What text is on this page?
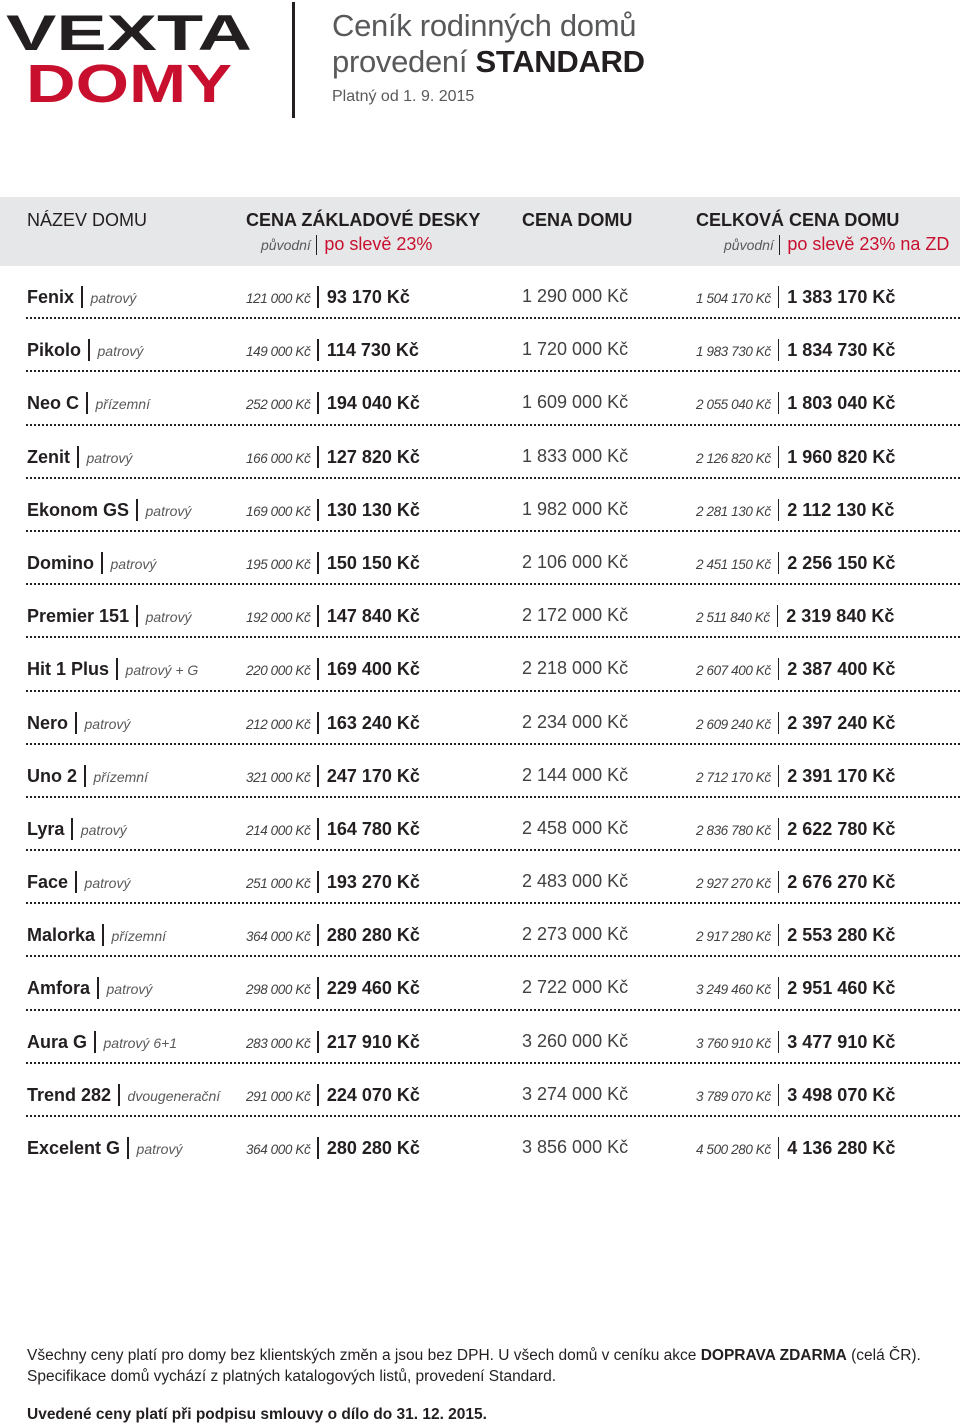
VEXTA
DOMY
Ceník rodinných domů
provedení STANDARD
Platný od 1. 9. 2015
NÁZEV DOMU	CENA ZÁKLADOVÉ DESKY
původní po slevě 23%
CENA DOMU	CELKOVÁ CENA DOMU
původní po slevě 23% na ZD
Fenix patrový	121 000 Kč 93 170 Kč	1 290 000 Kč	1 504 170 Kč 1 383 170 Kč
Pikolo patrový	149 000 Kč 114 730 Kč	1 720 000 Kč	1 983 730 Kč 1 834 730 Kč
Neo C přízemní	252 000 Kč 194 040 Kč	1 609 000 Kč	2 055 040 Kč 1 803 040 Kč
Zenit patrový	166 000 Kč 127 820 Kč	1 833 000 Kč	2 126 820 Kč 1 960 820 Kč
Ekonom GS patrový	169 000 Kč 130 130 Kč	1 982 000 Kč	2 281 130 Kč 2 112 130 Kč
Domino patrový	195 000 Kč 150 150 Kč	2 106 000 Kč	2 451 150 Kč 2 256 150 Kč
Premier 151 patrový	192 000 Kč 147 840 Kč	2 172 000 Kč	2 511 840 Kč 2 319 840 Kč
Hit 1 Plus patrový + G	220 000 Kč 169 400 Kč	2 218 000 Kč	2 607 400 Kč 2 387 400 Kč
Nero patrový	212 000 Kč 163 240 Kč	2 234 000 Kč	2 609 240 Kč 2 397 240 Kč
Uno 2 přízemní	321 000 Kč 247 170 Kč	2 144 000 Kč	2 712 170 Kč 2 391 170 Kč
Lyra patrový	214 000 Kč 164 780 Kč	2 458 000 Kč	2 836 780 Kč 2 622 780 Kč
Face patrový	251 000 Kč 193 270 Kč	2 483 000 Kč	2 927 270 Kč 2 676 270 Kč
Malorka přízemní	364 000 Kč 280 280 Kč	2 273 000 Kč	2 917 280 Kč 2 553 280 Kč
Amfora patrový	298 000 Kč 229 460 Kč	2 722 000 Kč	3 249 460 Kč 2 951 460 Kč
Aura G patrový 6+1	283 000 Kč 217 910 Kč	3 260 000 Kč	3 760 910 Kč 3 477 910 Kč
Trend 282 dvougenerační 291 000 Kč 224 070 Kč	3 274 000 Kč	3 789 070 Kč 3 498 070 Kč
Excelent G patrový	364 000 Kč 280 280 Kč	3 856 000 Kč	4 500 280 Kč 4 136 280 Kč
Všechny ceny platí pro domy bez klientských změn a jsou bez DPH. U všech domů v ceníku akce DOPRAVA ZDARMA (celá ČR).
Specifikace domů vychází z platných katalogových listů, provedení Standard.
Uvedené ceny platí při podpisu smlouvy o dílo do 31. 12. 2015.
